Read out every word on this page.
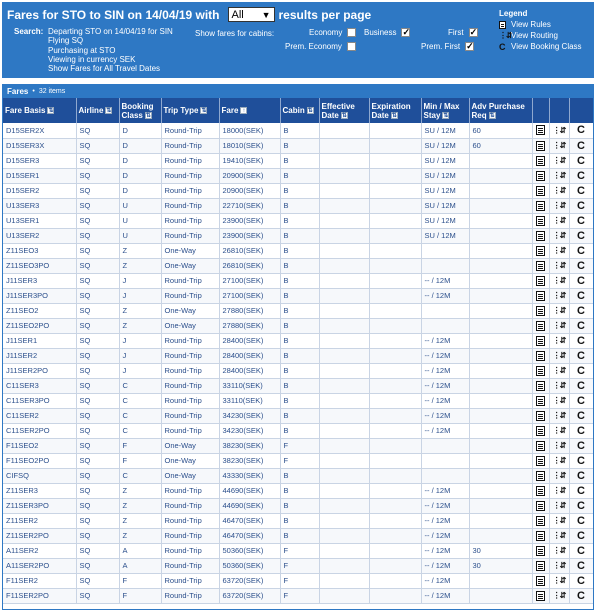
Fares for STO to SIN on 14/04/19 with All ▼ results per page
Search: Departing STO on 14/04/19 for SIN
Flying SQ
Purchasing at STO
Viewing in currency SEK
Show Fares for All Travel Dates
Show fares for cabins:	Economy	Business ✓	First
✓
Prem. Economy	Prem. First
✓
Legend
View Rules
⋮⇵ View Routing
C View Booking Class
Fares • 32 items
Fare Basis ⇅	Airline ⇅	Booking Class ⇅	Trip Type ⇅	Fare ↑	Cabin ⇅	Effective Date ⇅	Expiration Date ⇅	Min / Max Stay ⇅	Adv Purchase Req ⇅			
D15SER2X	SQ	D	Round-Trip	18000(SEK)	B			SU / 12M	60		⋮⇵	C
D15SER3X	SQ	D	Round-Trip	18010(SEK)	B			SU / 12M	60		⋮⇵	C
D15SER3	SQ	D	Round-Trip	19410(SEK)	B			SU / 12M			⋮⇵	C
D15SER1	SQ	D	Round-Trip	20900(SEK)	B			SU / 12M			⋮⇵	C
D15SER2	SQ	D	Round-Trip	20900(SEK)	B			SU / 12M			⋮⇵	C
U13SER3	SQ	U	Round-Trip	22710(SEK)	B			SU / 12M			⋮⇵	C
U13SER1	SQ	U	Round-Trip	23900(SEK)	B			SU / 12M			⋮⇵	C
U13SER2	SQ	U	Round-Trip	23900(SEK)	B			SU / 12M			⋮⇵	C
Z11SEO3	SQ	Z	One-Way	26810(SEK)	B						⋮⇵	C
Z11SEO3PO	SQ	Z	One-Way	26810(SEK)	B						⋮⇵	C
J11SER3	SQ	J	Round-Trip	27100(SEK)	B			-- / 12M			⋮⇵	C
J11SER3PO	SQ	J	Round-Trip	27100(SEK)	B			-- / 12M			⋮⇵	C
Z11SEO2	SQ	Z	One-Way	27880(SEK)	B						⋮⇵	C
Z11SEO2PO	SQ	Z	One-Way	27880(SEK)	B						⋮⇵	C
J11SER1	SQ	J	Round-Trip	28400(SEK)	B			-- / 12M			⋮⇵	C
J11SER2	SQ	J	Round-Trip	28400(SEK)	B			-- / 12M			⋮⇵	C
J11SER2PO	SQ	J	Round-Trip	28400(SEK)	B			-- / 12M			⋮⇵	C
C11SER3	SQ	C	Round-Trip	33110(SEK)	B			-- / 12M			⋮⇵	C
C11SER3PO	SQ	C	Round-Trip	33110(SEK)	B			-- / 12M			⋮⇵	C
C11SER2	SQ	C	Round-Trip	34230(SEK)	B			-- / 12M			⋮⇵	C
C11SER2PO	SQ	C	Round-Trip	34230(SEK)	B			-- / 12M			⋮⇵	C
F11SEO2	SQ	F	One-Way	38230(SEK)	F						⋮⇵	C
F11SEO2PO	SQ	F	One-Way	38230(SEK)	F						⋮⇵	C
CIFSQ	SQ	C	One-Way	43330(SEK)	B						⋮⇵	C
Z11SER3	SQ	Z	Round-Trip	44690(SEK)	B			-- / 12M			⋮⇵	C
Z11SER3PO	SQ	Z	Round-Trip	44690(SEK)	B			-- / 12M			⋮⇵	C
Z11SER2	SQ	Z	Round-Trip	46470(SEK)	B			-- / 12M			⋮⇵	C
Z11SER2PO	SQ	Z	Round-Trip	46470(SEK)	B			-- / 12M			⋮⇵	C
A11SER2	SQ	A	Round-Trip	50360(SEK)	F			-- / 12M	30		⋮⇵	C
A11SER2PO	SQ	A	Round-Trip	50360(SEK)	F			-- / 12M	30		⋮⇵	C
F11SER2	SQ	F	Round-Trip	63720(SEK)	F			-- / 12M			⋮⇵	C
F11SER2PO	SQ	F	Round-Trip	63720(SEK)	F			-- / 12M			⋮⇵	C
